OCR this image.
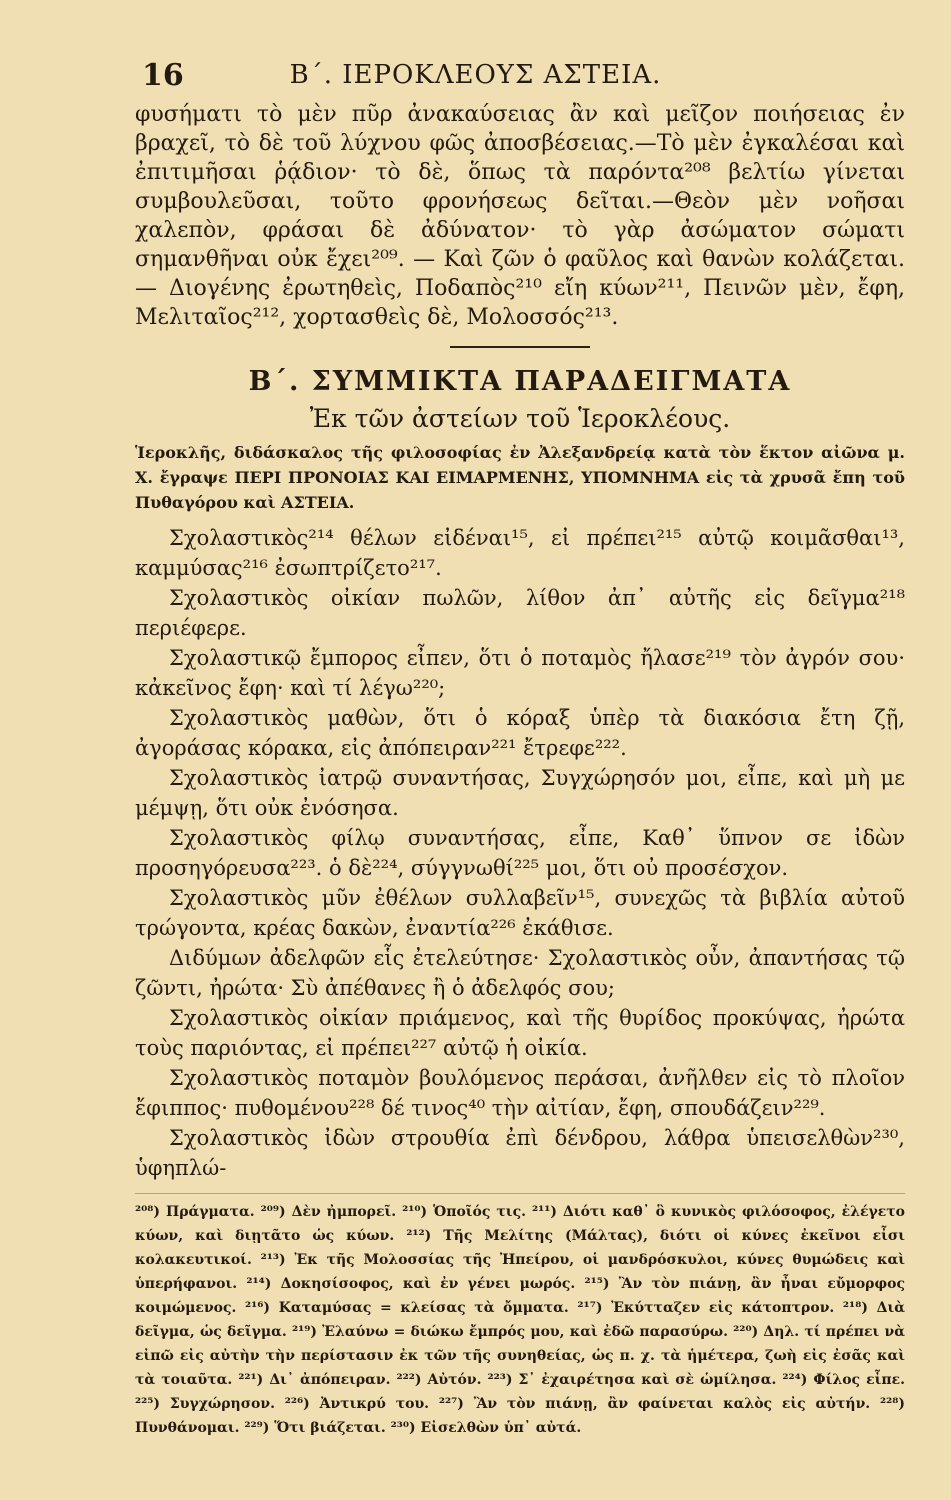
16	Β΄. ΙΕΡΟΚΛΕΟΥΣ ΑΣΤΕΙΑ.

φυσήματι τὸ μὲν πῦρ ἀνακαύσειας ἂν καὶ μεῖζον ποιήσειας ἐν βραχεῖ, τὸ δὲ τοῦ λύχνου φῶς ἀποσβέσειας.—Τὸ μὲν ἐγκαλέσαι καὶ ἐπιτιμῆσαι ῥᾴδιον· τὸ δὲ, ὅπως τὰ παρόντα²⁰⁸ βελτίω γίνεται συμβουλεῦσαι, τοῦτο φρονήσεως δεῖται.—Θεὸν μὲν νοῆσαι χαλεπὸν, φράσαι δὲ ἀδύνατον· τὸ γὰρ ἀσώματον σώματι σημανθῆναι οὐκ ἔχει²⁰⁹. — Καὶ ζῶν ὁ φαῦλος καὶ θανὼν κολάζεται. — Διογένης ἐρωτηθεὶς, Ποδαπὸς²¹⁰ εἴη κύων²¹¹, Πεινῶν μὲν, ἔφη, Μελιταῖος²¹², χορτασθεὶς δὲ, Μολοσσός²¹³.

Β΄. ΣΥΜΜΙΚΤΑ ΠΑΡΑΔΕΙΓΜΑΤΑ
Ἐκ τῶν ἀστείων τοῦ Ἱεροκλέους.

Ἱεροκλῆς, διδάσκαλος τῆς φιλοσοφίας ἐν Ἀλεξανδρείᾳ κατὰ τὸν ἕκτον αἰῶνα μ. Χ. ἔγραψε ΠΕΡΙ ΠΡΟΝΟΙΑΣ ΚΑΙ ΕΙΜΑΡΜΕΝΗΣ, ΥΠΟΜΝΗΜΑ εἰς τὰ χρυσᾶ ἔπη τοῦ Πυθαγόρου καὶ ΑΣΤΕΙΑ.

Σχολαστικὸς²¹⁴ θέλων εἰδέναι¹⁵, εἰ πρέπει²¹⁵ αὐτῷ κοιμᾶσθαι¹³, καμμύσας²¹⁶ ἐσωπτρίζετο²¹⁷.

Σχολαστικὸς οἰκίαν πωλῶν, λίθον ἀπ᾽ αὐτῆς εἰς δεῖγμα²¹⁸ περιέφερε.

Σχολαστικῷ ἔμπορος εἶπεν, ὅτι ὁ ποταμὸς ἤλασε²¹⁹ τὸν ἀγρόν σου· κἀκεῖνος ἔφη· καὶ τί λέγω²²⁰;

Σχολαστικὸς μαθὼν, ὅτι ὁ κόραξ ὑπὲρ τὰ διακόσια ἔτη ζῇ, ἀγοράσας κόρακα, εἰς ἀπόπειραν²²¹ ἔτρεφε²²².

Σχολαστικὸς ἰατρῷ συναντήσας, Συγχώρησόν μοι, εἶπε, καὶ μὴ με μέμψῃ, ὅτι οὐκ ἐνόσησα.

Σχολαστικὸς φίλῳ συναντήσας, εἶπε, Καθ᾽ ὕπνον σε ἰδὼν προσηγόρευσα²²³. ὁ δὲ²²⁴, σύγγνωθί²²⁵ μοι, ὅτι οὐ προσέσχον.

Σχολαστικὸς μῦν ἐθέλων συλλαβεῖν¹⁵, συνεχῶς τὰ βιβλία αὐτοῦ τρώγοντα, κρέας δακὼν, ἐναντία²²⁶ ἐκάθισε.

Διδύμων ἀδελφῶν εἷς ἐτελεύτησε· Σχολαστικὸς οὖν, ἀπαντήσας τῷ ζῶντι, ἠρώτα· Σὺ ἀπέθανες ἢ ὁ ἀδελφός σου;

Σχολαστικὸς οἰκίαν πριάμενος, καὶ τῆς θυρίδος προκύψας, ἠρώτα τοὺς παριόντας, εἰ πρέπει²²⁷ αὐτῷ ἡ οἰκία.

Σχολαστικὸς ποταμὸν βουλόμενος περάσαι, ἀνῆλθεν εἰς τὸ πλοῖον ἔφιππος· πυθομένου²²⁸ δέ τινος⁴⁰ τὴν αἰτίαν, ἔφη, σπουδάζειν²²⁹.

Σχολαστικὸς ἰδὼν στρουθία ἐπὶ δένδρου, λάθρα ὑπεισελθὼν²³⁰, ὑφηπλώ-

²⁰⁸) Πράγματα. ²⁰⁹) Δὲν ἠμπορεῖ. ²¹⁰) Ὁποῖός τις. ²¹¹) Διότι καθ᾽ ὃ κυνικὸς φιλόσοφος, ἐλέγετο κύων, καὶ διῃτᾶτο ὡς κύων. ²¹²) Τῆς Μελίτης (Μάλτας), διότι οἱ κύνες ἐκεῖνοι εἶσι κολακευτικοί. ²¹³) Ἐκ τῆς Μολοσσίας τῆς Ἠπείρου, οἱ μανδρόσκυλοι, κύνες θυμώδεις καὶ ὑπερήφανοι. ²¹⁴) Δοκησίσοφος, καὶ ἐν γένει μωρός. ²¹⁵) Ἂν τὸν πιάνῃ, ἂν ἦναι εὔμορφος κοιμώμενος. ²¹⁶) Καταμύσας = κλείσας τὰ ὄμματα. ²¹⁷) Ἐκύτταζεν εἰς κάτοπτρον. ²¹⁸) Διὰ δεῖγμα, ὡς δεῖγμα. ²¹⁹) Ἐλαύνω = διώκω ἔμπρός μου, καὶ ἐδῶ παρασύρω. ²²⁰) Δηλ. τί πρέπει νὰ εἰπῶ εἰς αὐτὴν τὴν περίστασιν ἐκ τῶν τῆς συνηθείας, ὡς π. χ. τὰ ἡμέτερα, ζωὴ εἰς ἐσᾶς καὶ τὰ τοιαῦτα. ²²¹) Δι᾽ ἀπόπειραν. ²²²) Αὐτόν. ²²³) Σ᾽ ἐχαιρέτησα καὶ σὲ ὡμίλησα. ²²⁴) Φίλος εἶπε. ²²⁵) Συγχώρησον. ²²⁶) Ἀντικρύ του. ²²⁷) Ἂν τὸν πιάνῃ, ἂν φαίνεται καλὸς εἰς αὐτήν. ²²⁸) Πυνθάνομαι. ²²⁹) Ὅτι βιάζεται. ²³⁰) Εἰσελθὼν ὑπ᾽ αὐτά.
